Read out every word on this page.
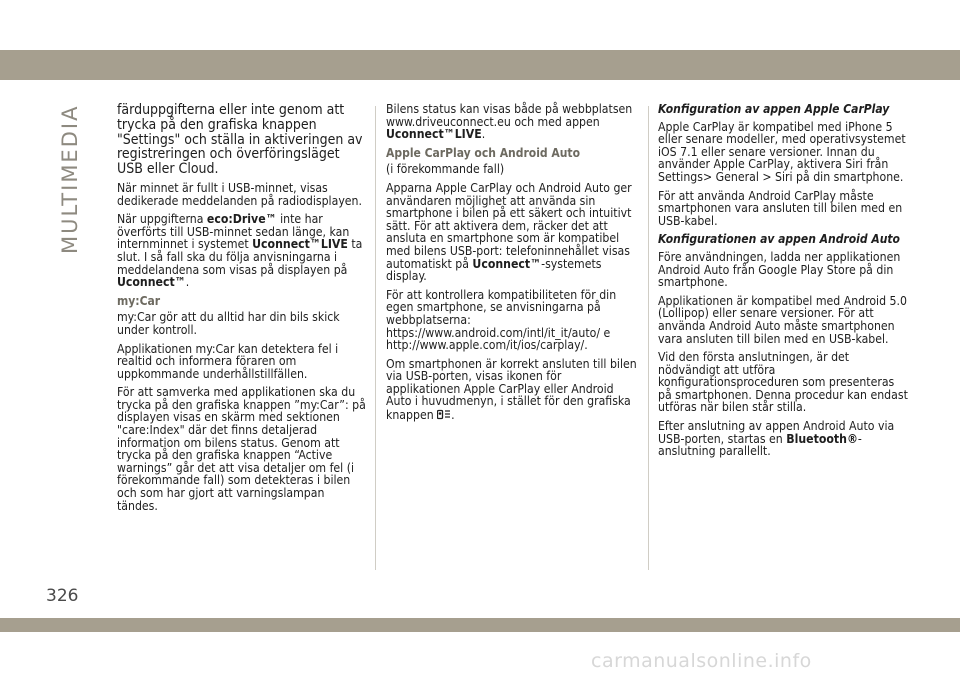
MULTIMEDIA	färduppgifterna eller inte genom att trycka på den grafiska knappen "Settings" och ställa in aktiveringen av registreringen och överföringsläget USB eller Cloud.

När minnet är fullt i USB-minnet, visas dedikerade meddelanden på radiodisplayen.

När uppgifterna eco:Drive™ inte har överförts till USB-minnet sedan länge, kan internminnet i systemet Uconnect™LIVE ta slut. I så fall ska du följa anvisningarna i meddelandena som visas på displayen på Uconnect™.

my:Car

my:Car gör att du alltid har din bils skick under kontroll.

Applikationen my:Car kan detektera fel i realtid och informera föraren om uppkommande underhållstillfällen.

För att samverka med applikationen ska du trycka på den grafiska knappen ”my:Car”: på displayen visas en skärm med sektionen "care:Index" där det finns detaljerad information om bilens status. Genom att trycka på den grafiska knappen “Active warnings” går det att visa detaljer om fel (i förekommande fall) som detekteras i bilen och som har gjort att varningslampan tändes.

Bilens status kan visas både på webbplatsen www.driveuconnect.eu och med appen Uconnect™LIVE.

Apple CarPlay och Android Auto

(i förekommande fall)

Apparna Apple CarPlay och Android Auto ger användaren möjlighet att använda sin smartphone i bilen på ett säkert och intuitivt sätt. För att aktivera dem, räcker det att ansluta en smartphone som är kompatibel med bilens USB-port: telefoninnehållet visas automatiskt på Uconnect™-systemets display.

För att kontrollera kompatibiliteten för din egen smartphone, se anvisningarna på webbplatserna: https://www.android.com/intl/it_it/auto/ e http://www.apple.com/it/ios/carplay/.

Om smartphonen är korrekt ansluten till bilen via USB-porten, visas ikonen för applikationen Apple CarPlay eller Android Auto i huvudmenyn, i stället för den grafiska knappen .

Konfiguration av appen Apple CarPlay

Apple CarPlay är kompatibel med iPhone 5 eller senare modeller, med operativsystemet iOS 7.1 eller senare versioner. Innan du använder Apple CarPlay, aktivera Siri från Settings> General > Siri på din smartphone.

För att använda Android CarPlay måste smartphonen vara ansluten till bilen med en USB-kabel.

Konfigurationen av appen Android Auto

Före användningen, ladda ner applikationen Android Auto från Google Play Store på din smartphone.

Applikationen är kompatibel med Android 5.0 (Lollipop) eller senare versioner. För att använda Android Auto måste smartphonen vara ansluten till bilen med en USB-kabel.

Vid den första anslutningen, är det nödvändigt att utföra konfigurationsproceduren som presenteras på smartphonen. Denna procedur kan endast utföras när bilen står stilla.

Efter anslutning av appen Android Auto via USB-porten, startas en Bluetooth®-anslutning parallellt.

326
carmanualsonline.info
